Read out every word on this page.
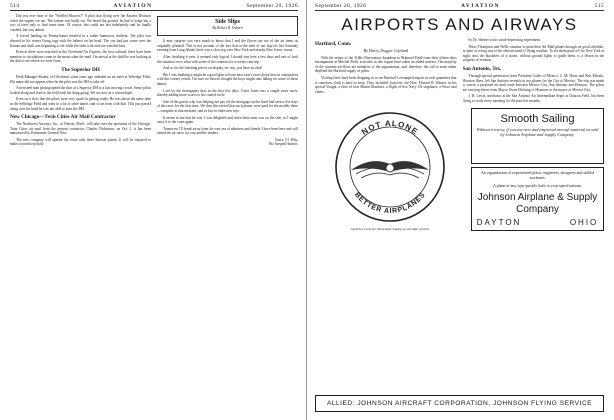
514	AVIATION	September 20, 1926

Did you ever hear of the "Waffled Hooters?" A pilot that flying over the Eastern Division when the engine cut out. The farmer was badly cut. We heard the ground, he had to lodge but a row of trees only to find some time. Of course, this could not last indefinitely and he finally crashed, but was unhurt.

A forced landing on Pennsylvania resulted in a rather humorous incident. The pilot was dressed in his winter flying togs with the helmet on his head. The son had just come over the bottom and dusk was beginning to set while the farm wife and son watched him.

Even as there were searched in the Cleveland Air Express, the first railroad, there have been mention to circulations come in the main cabin the mail. On arrival at the field he was looking at the dial to see where we were from.

The Superior DH

Field Manager Shanty, of Cleveland, some years ago attended an air meet at Selfridge Field. His name did not appear when he the pilot was the DH to take off.

A newsreel man photographed the dust of a Superior DH to a fast moving crowd. Some pilots looked along and used to the field with the thing going. We see now in a certain light.

Even on a slow line the pilots were very quick in getting ready. He was about the same time as the Selfridge Field and went to a lot of other dance, and so on from with that. This just passed along over his head he was not able to miss the DH.

New Chicago—Twin Cities Air Mail Contractor

The Northwest Airways, Inc., of Detroit, Mich., will take over the operation of the Chicago-Twin Cities air mail from the present contractor, Charles Dickinson, on Oct. 1, it has been announced by Postmaster General New.

The new company will operate the route with three Stinson planes. It will be required to make a round trip daily.

Side Slips
By Robert R. Osborn

It may surprise you very much to know that I and the flower are not of the air items as originally planned. This is not account of the fact that at the time of our hop-off last Saturday evening from Long Island, there was a slow fog over New York and nearby New Jersey towns.

After finishing it over, it seemed only logical I should stay here a few days and sort of look the situation over, what with some of the contests for a twenty cent trip.

And so for the finishing pieces on display, we, my, you have no idea!

But I was thinking it might be a good plan to leave next year's races down here in conjunction with this twenty events. I'm sure we haven't thought the boys might start falling for some of these dames.

I see by the newspapers that, in the first few days, Carey Jones was a couple more races, thereby adding more scores to his coated circle.

One of the guests who was helping me pay off the mortgage on the hotel had seen a few days of the races for the first time. We thus discovered that such planes were paid for the models there—complete at that moment, and in fact in other new toys.

It seems to me that he was. I was delighted and when these men was on the side, so I might carry it to the coast again.

Tomorrow I'll break away from the vast sea of admirers and friends I have been here and will attend the air races for you and the readers.

Yours, V.I. Bilty,
The Intrepid Aviator.
September 20, 1926	AVIATION	515
AIRPORTS AND AIRWAYS
Hartford, Conn.
By Harry Dogget Copland

With the return of the 118th Observation Squadron to Brainard Field from their fifteen days encampment at Mitchel Field, activities in this region have taken an added interest. The majority of the commercial fliers are members of the organization, and, therefore, the call to arms rather depleted the Hartford supply of pilots.

Visiting fliers have been dropping in to see Hartford's revamped airport in such quantities that it somehow clack is hard to keep. They included, however, the Hon. Edward B. Warner, in his special Vought, a fleet of four Martin Bombers, a flight of five Navy O2 seaplanes, a Waco and others.

by Dr. Warner to his stood-depressing experiment.

Pilots Thompson and Wells continue to push their Air Mail planes through on good schedule, in spite of a long run of the obvious kind of flying weather. To see them push-off for New York at night, into the blackness of a storm, without ground lights to guide them, is a lesson in the progress of aviation.

San Antonio, Tex.

Through special permission from President Calles of Mexico, C. M. Harry and Bert Paloski, Houston fliers, left San Antonio recently in two planes for the City of Mexico. The trip was made to survey a proposed air mail route between Mexico City, San Antonio and Houston. The pilots are carrying letters from Mayor Owen Holsting of Houston, to the mayor of Mexico City.

J. R. Lewis, mechanic at the San Antonio Air Intermediate depot at Duncan Field, has been flying to work every morning for the past few months.

NOT ALONE
BETTER AIRPLANES
Send two cents for illustrated catalog of warships of steel
Smooth Sailing
Without a worry, if you use new and inspected aircraft material as sold by Johnson Airplane and Supply Company.
An organization of experienced pilots, engineers, designers and skilled workmen.
A plane of any type quickly built to your specifications.
Johnson Airplane & Supply
Company
DAYTON	OHIO
ALLIED: JOHNSON AIRCRAFT CORPORATION, JOHNSON FLYING SERVICE
